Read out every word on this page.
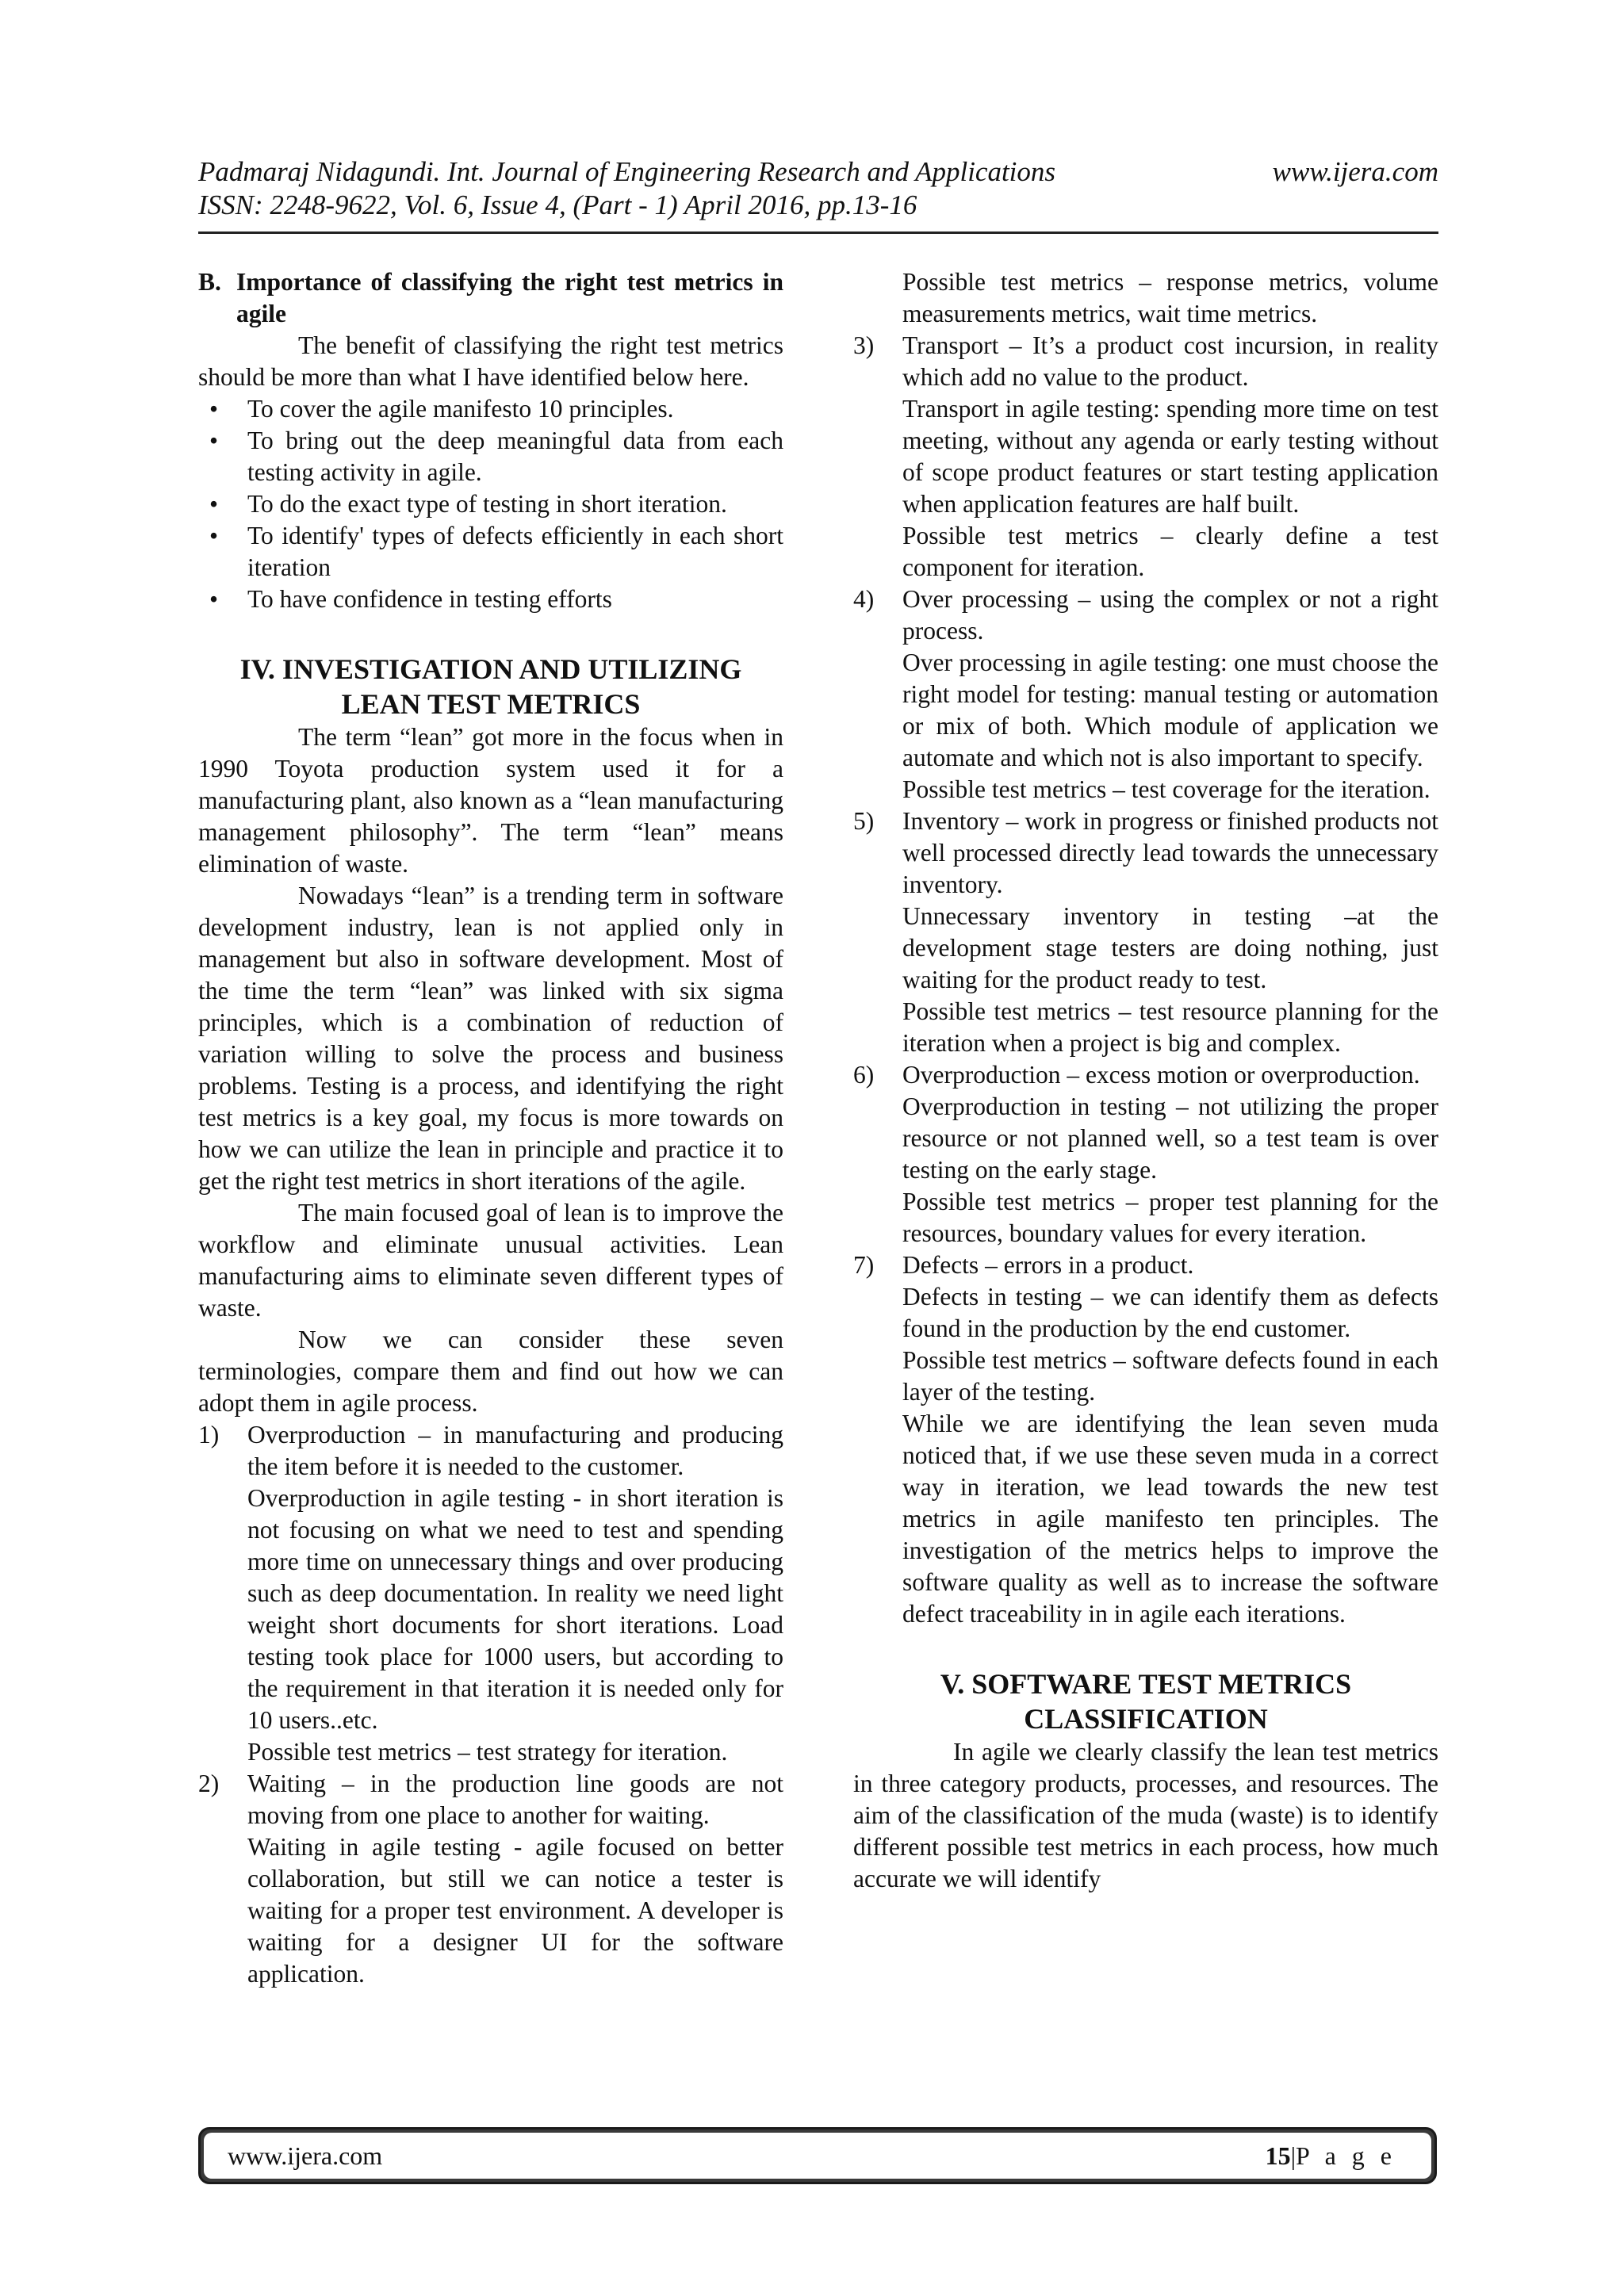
Padmaraj Nidagundi. Int. Journal of Engineering Research and Applications	www.ijera.com
ISSN: 2248-9622, Vol. 6, Issue 4, (Part - 1) April 2016, pp.13-16
B. Importance of classifying the right test metrics in agile

The benefit of classifying the right test metrics should be more than what I have identified below here.

• To cover the agile manifesto 10 principles.
• To bring out the deep meaningful data from each testing activity in agile.
• To do the exact type of testing in short iteration.
• To identify' types of defects efficiently in each short iteration
• To have confidence in testing efforts
IV. INVESTIGATION AND UTILIZING LEAN TEST METRICS

The term “lean” got more in the focus when in 1990 Toyota production system used it for a manufacturing plant, also known as a “lean manufacturing management philosophy”. The term “lean” means elimination of waste.

Nowadays “lean” is a trending term in software development industry, lean is not applied only in management but also in software development. Most of the time the term “lean” was linked with six sigma principles, which is a combination of reduction of variation willing to solve the process and business problems. Testing is a process, and identifying the right test metrics is a key goal, my focus is more towards on how we can utilize the lean in principle and practice it to get the right test metrics in short iterations of the agile.

The main focused goal of lean is to improve the workflow and eliminate unusual activities. Lean manufacturing aims to eliminate seven different types of waste.

Now we can consider these seven terminologies, compare them and find out how we can adopt them in agile process.

1) Overproduction – in manufacturing and producing the item before it is needed to the customer.

Overproduction in agile testing - in short iteration is not focusing on what we need to test and spending more time on unnecessary things and over producing such as deep documentation. In reality we need light weight short documents for short iterations. Load testing took place for 1000 users, but according to the requirement in that iteration it is needed only for 10 users..etc.

Possible test metrics – test strategy for iteration.

2) Waiting – in the production line goods are not moving from one place to another for waiting.

Waiting in agile testing - agile focused on better collaboration, but still we can notice a tester is waiting for a proper test environment. A developer is waiting for a designer UI for the software application.

Possible test metrics – response metrics, volume measurements metrics, wait time metrics.

3) Transport – It’s a product cost incursion, in reality which add no value to the product.

Transport in agile testing: spending more time on test meeting, without any agenda or early testing without of scope product features or start testing application when application features are half built.

Possible test metrics – clearly define a test component for iteration.

4) Over processing – using the complex or not a right process.

Over processing in agile testing: one must choose the right model for testing: manual testing or automation or mix of both. Which module of application we automate and which not is also important to specify.

Possible test metrics – test coverage for the iteration.

5) Inventory – work in progress or finished products not well processed directly lead towards the unnecessary inventory.

Unnecessary inventory in testing –at the development stage testers are doing nothing, just waiting for the product ready to test.

Possible test metrics – test resource planning for the iteration when a project is big and complex.

6) Overproduction – excess motion or overproduction.

Overproduction in testing – not utilizing the proper resource or not planned well, so a test team is over testing on the early stage.

Possible test metrics – proper test planning for the resources, boundary values for every iteration.

7) Defects – errors in a product.

Defects in testing – we can identify them as defects found in the production by the end customer.

Possible test metrics – software defects found in each layer of the testing.

While we are identifying the lean seven muda noticed that, if we use these seven muda in a correct way in iteration, we lead towards the new test metrics in agile manifesto ten principles. The investigation of the metrics helps to improve the software quality as well as to increase the software defect traceability in in agile each iterations.

V. SOFTWARE TEST METRICS CLASSIFICATION

In agile we clearly classify the lean test metrics in three category products, processes, and resources. The aim of the classification of the muda (waste) is to identify different possible test metrics in each process, how much accurate we will identify

www.ijera.com	15|P a g e
